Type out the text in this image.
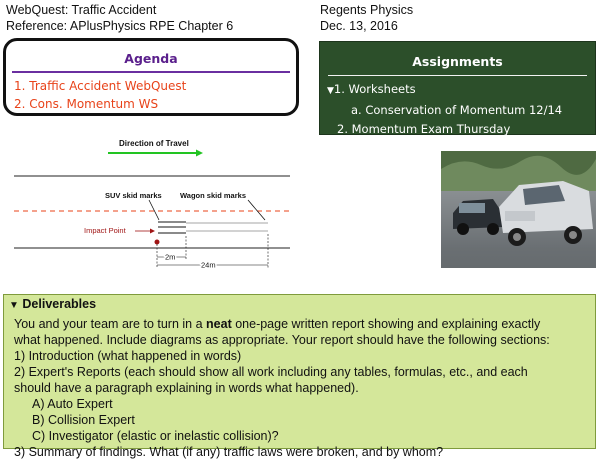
WebQuest: Traffic Accident
Reference: APlusPhysics RPE Chapter 6
Regents Physics
Dec. 13, 2016
Agenda
1. Traffic Accident WebQuest
2. Cons. Momentum WS
Assignments
▼1. Worksheets
a. Conservation of Momentum 12/14
2. Momentum Exam Thursday
Direction of Travel
SUV skid marks Wagon skid marks
Impact Point
2m
24m
▼ Deliverables
You and your team are to turn in a neat one-page written report showing and explaining exactly
what happened. Include diagrams as appropriate. Your report should have the following sections:
1) Introduction (what happened in words)
2) Expert's Reports (each should show all work including any tables, formulas, etc., and each
should have a paragraph explaining in words what happened).
A) Auto Expert
B) Collision Expert
C) Investigator (elastic or inelastic collision)?
3) Summary of findings. What (if any) traffic laws were broken, and by whom?
